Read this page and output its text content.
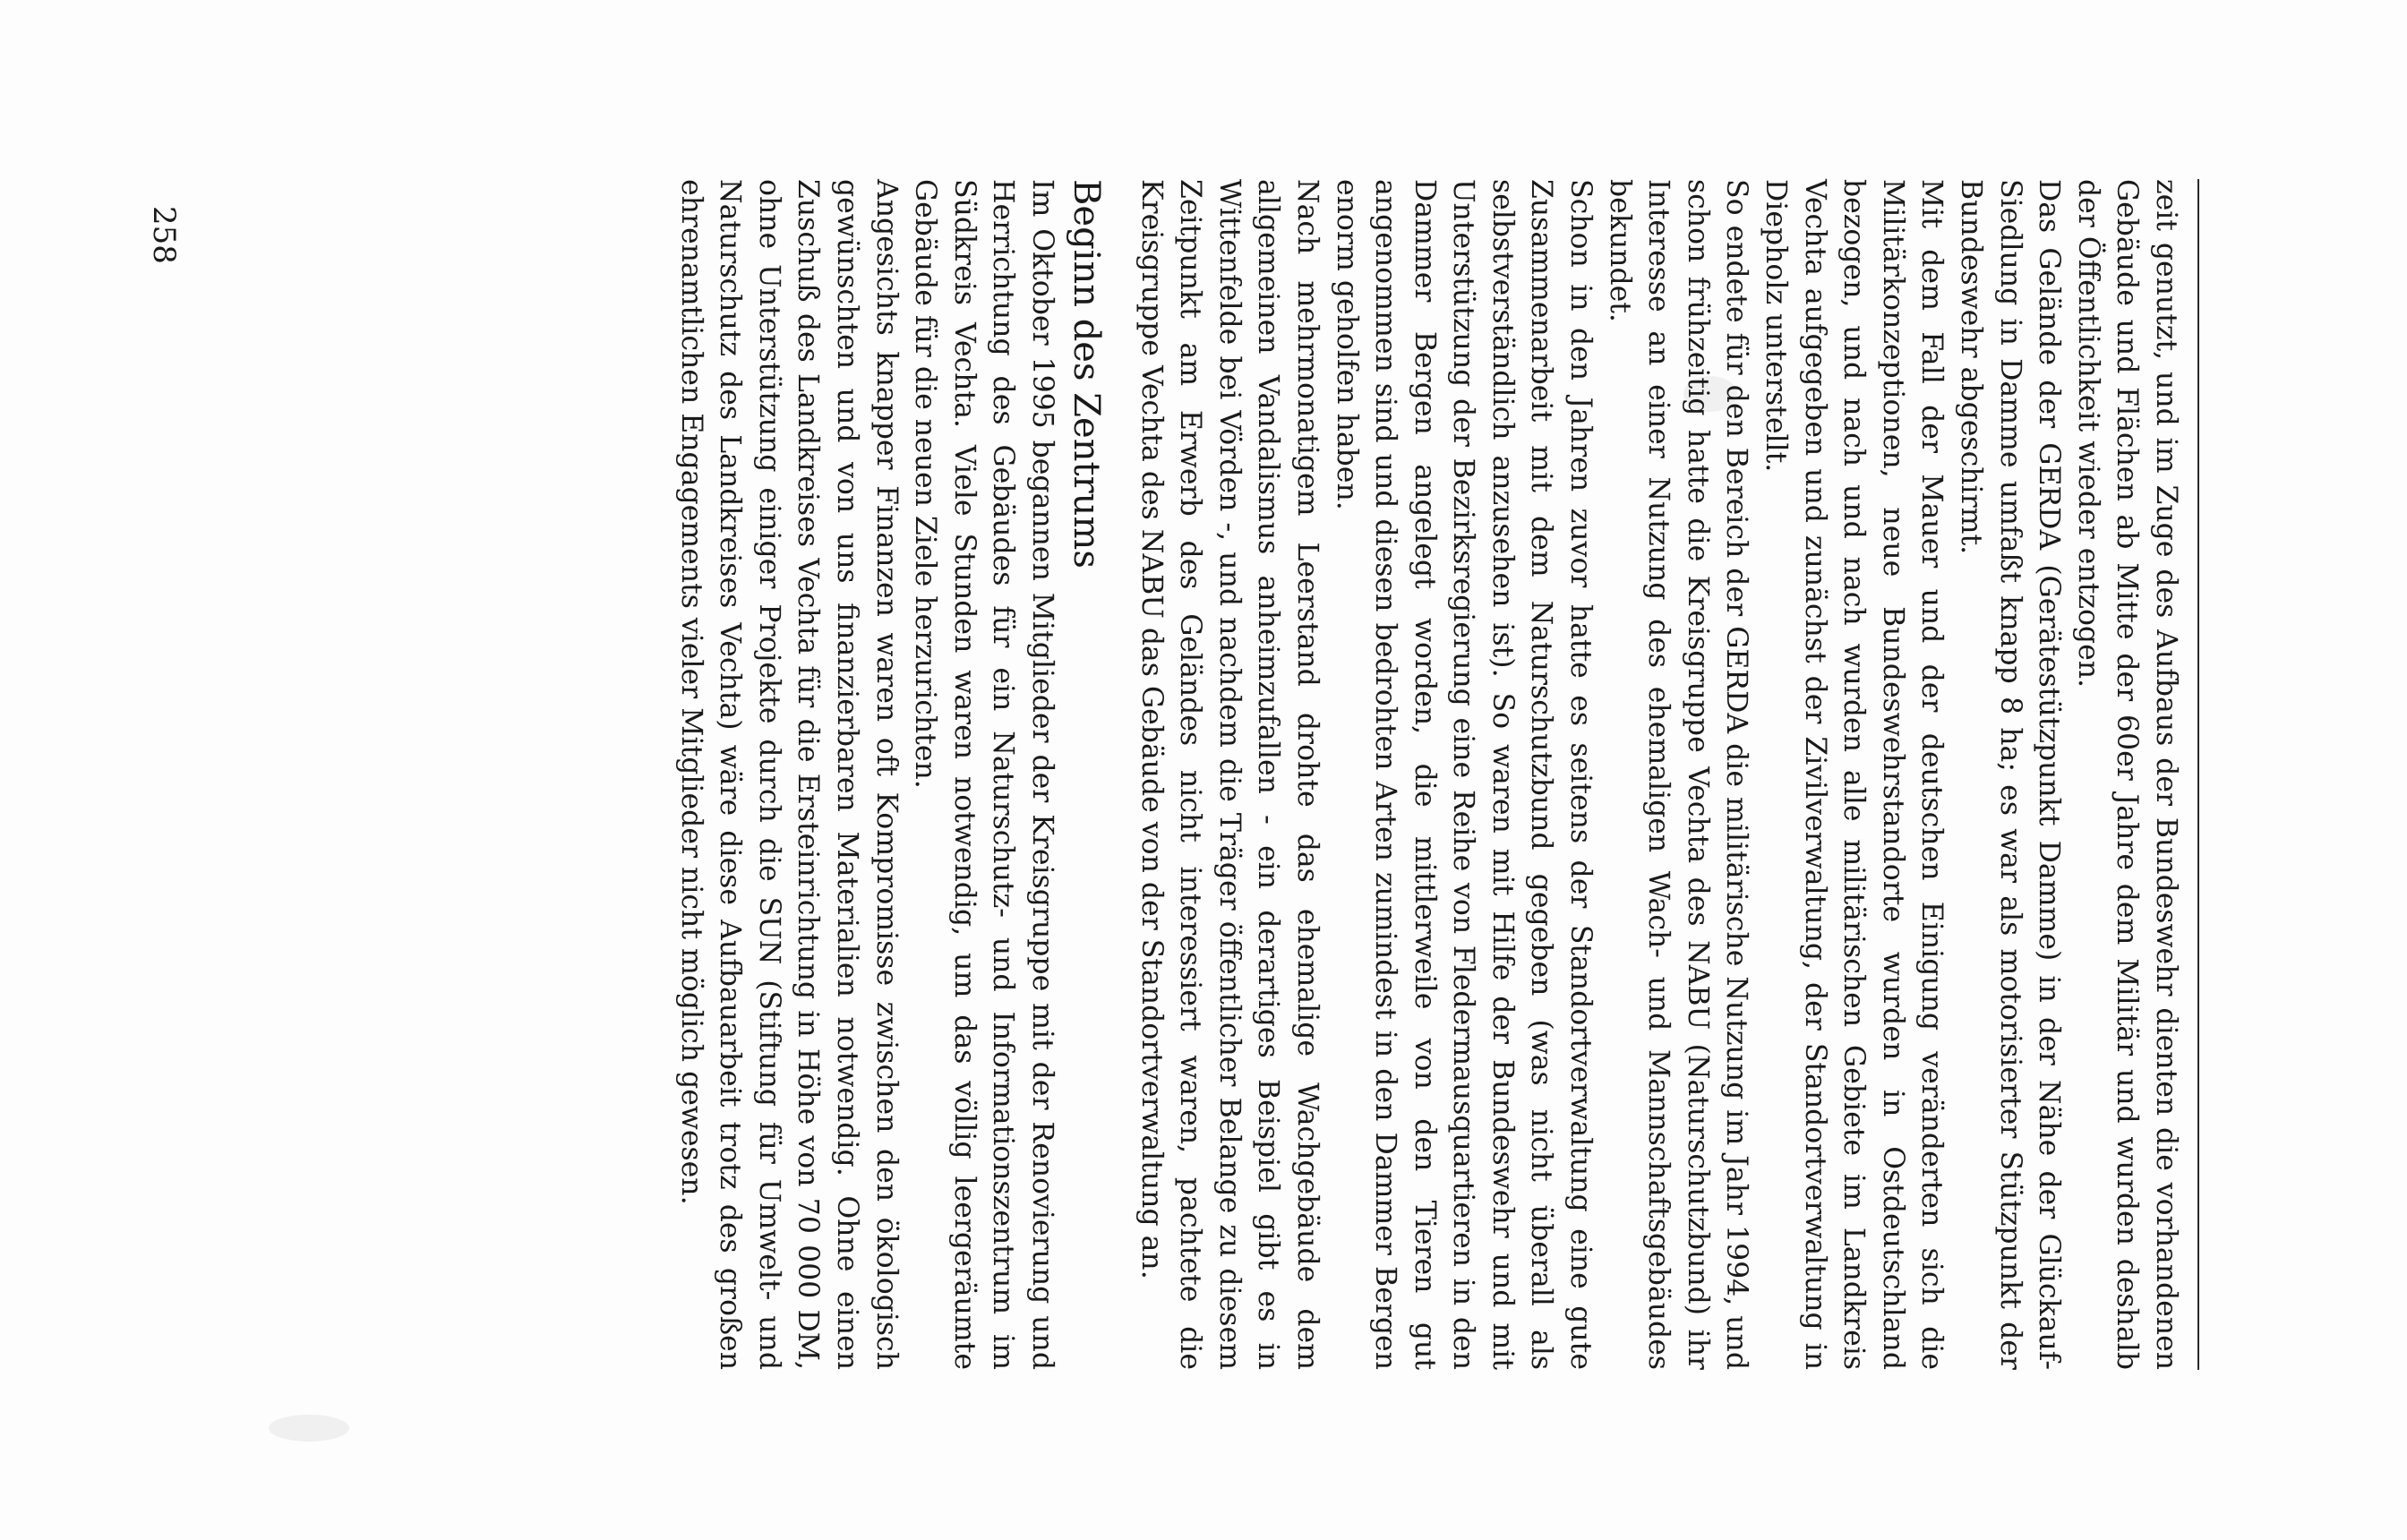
zeit genutzt, und im Zuge des Aufbaus der Bundeswehr dienten die vorhandenen Gebäude und Flächen ab Mitte der 60er Jahre dem Militär und wurden deshalb der Öffentlichkeit wieder entzogen.

Das Gelände der GERDA (Gerätestützpunkt Damme) in der Nähe der Glückauf-Siedlung in Damme umfaßt knapp 8 ha; es war als motorisierter Stützpunkt der Bundeswehr abgeschirmt.

Mit dem Fall der Mauer und der deutschen Einigung veränderten sich die Militärkonzeptionen, neue Bundeswehrstandorte wurden in Ostdeutschland bezogen, und nach und nach wurden alle militärischen Gebiete im Landkreis Vechta aufgegeben und zunächst der Zivilverwaltung, der Standortverwaltung in Diepholz unterstellt.

So endete für den Bereich der GERDA die militärische Nutzung im Jahr 1994, und schon frühzeitig hatte die Kreisgruppe Vechta des NABU (Naturschutzbund) ihr Interesse an einer Nutzung des ehemaligen Wach- und Mannschaftsgebäudes bekundet.

Schon in den Jahren zuvor hatte es seitens der Standortverwaltung eine gute Zusammenarbeit mit dem Naturschutzbund gegeben (was nicht überall als selbstverständlich anzusehen ist). So waren mit Hilfe der Bundeswehr und mit Unterstützung der Bezirksregierung eine Reihe von Fledermausquartieren in den Dammer Bergen angelegt worden, die mittlerweile von den Tieren gut angenommen sind und diesen bedrohten Arten zumindest in den Dammer Bergen enorm geholfen haben.

Nach mehrmonatigem Leerstand drohte das ehemalige Wachgebäude dem allgemeinen Vandalismus anheimzufallen - ein derartiges Beispiel gibt es in Wittenfelde bei Vörden -, und nachdem die Träger öffentlicher Belange zu diesem Zeitpunkt am Erwerb des Geländes nicht interessiert waren, pachtete die Kreisgruppe Vechta des NABU das Gebäude von der Standortverwaltung an.

Beginn des Zentrums

Im Oktober 1995 begannen Mitglieder der Kreisgruppe mit der Renovierung und Herrichtung des Gebäudes für ein Naturschutz- und Informationszentrum im Südkreis Vechta. Viele Stunden waren notwendig, um das völlig leergeräumte Gebäude für die neuen Ziele herzurichten.

Angesichts knapper Finanzen waren oft Kompromisse zwischen den ökologisch gewünschten und von uns finanzierbaren Materialien notwendig. Ohne einen Zuschuß des Landkreises Vechta für die Ersteinrichtung in Höhe von 70 000 DM, ohne Unterstützung einiger Projekte durch die SUN (Stiftung für Umwelt- und Naturschutz des Landkreises Vechta) wäre diese Aufbauarbeit trotz des großen ehrenamtlichen Engagements vieler Mitglieder nicht möglich gewesen.

258
